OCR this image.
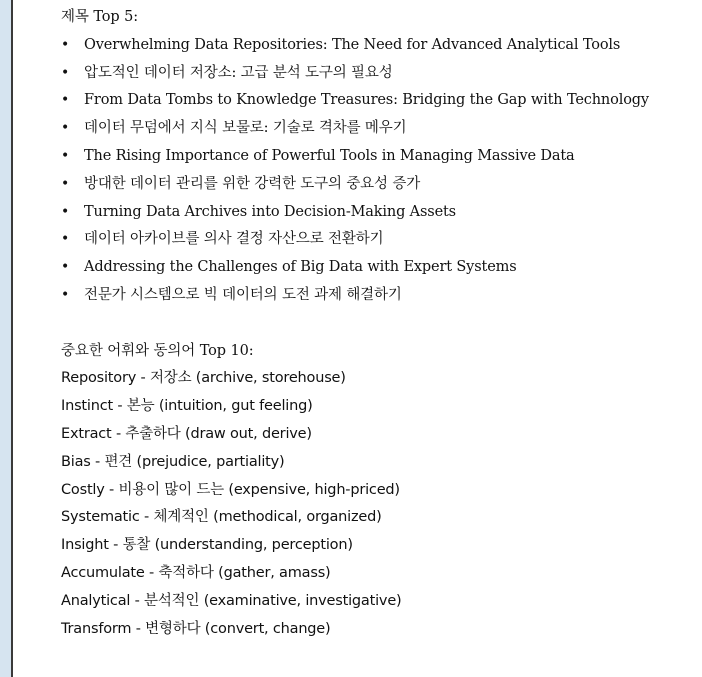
제목 Top 5:
• Overwhelming Data Repositories: The Need for Advanced Analytical Tools
• 압도적인 데이터 저장소: 고급 분석 도구의 필요성
• From Data Tombs to Knowledge Treasures: Bridging the Gap with Technology
• 데이터 무덤에서 지식 보물로: 기술로 격차를 메우기
• The Rising Importance of Powerful Tools in Managing Massive Data
• 방대한 데이터 관리를 위한 강력한 도구의 중요성 증가
• Turning Data Archives into Decision-Making Assets
• 데이터 아카이브를 의사 결정 자산으로 전환하기
• Addressing the Challenges of Big Data with Expert Systems
• 전문가 시스템으로 빅 데이터의 도전 과제 해결하기
중요한 어휘와 동의어 Top 10:
Repository - 저장소 (archive, storehouse)
Instinct - 본능 (intuition, gut feeling)
Extract - 추출하다 (draw out, derive)
Bias - 편견 (prejudice, partiality)
Costly - 비용이 많이 드는 (expensive, high-priced)
Systematic - 체계적인 (methodical, organized)
Insight - 통찰 (understanding, perception)
Accumulate - 축적하다 (gather, amass)
Analytical - 분석적인 (examinative, investigative)
Transform - 변형하다 (convert, change)
